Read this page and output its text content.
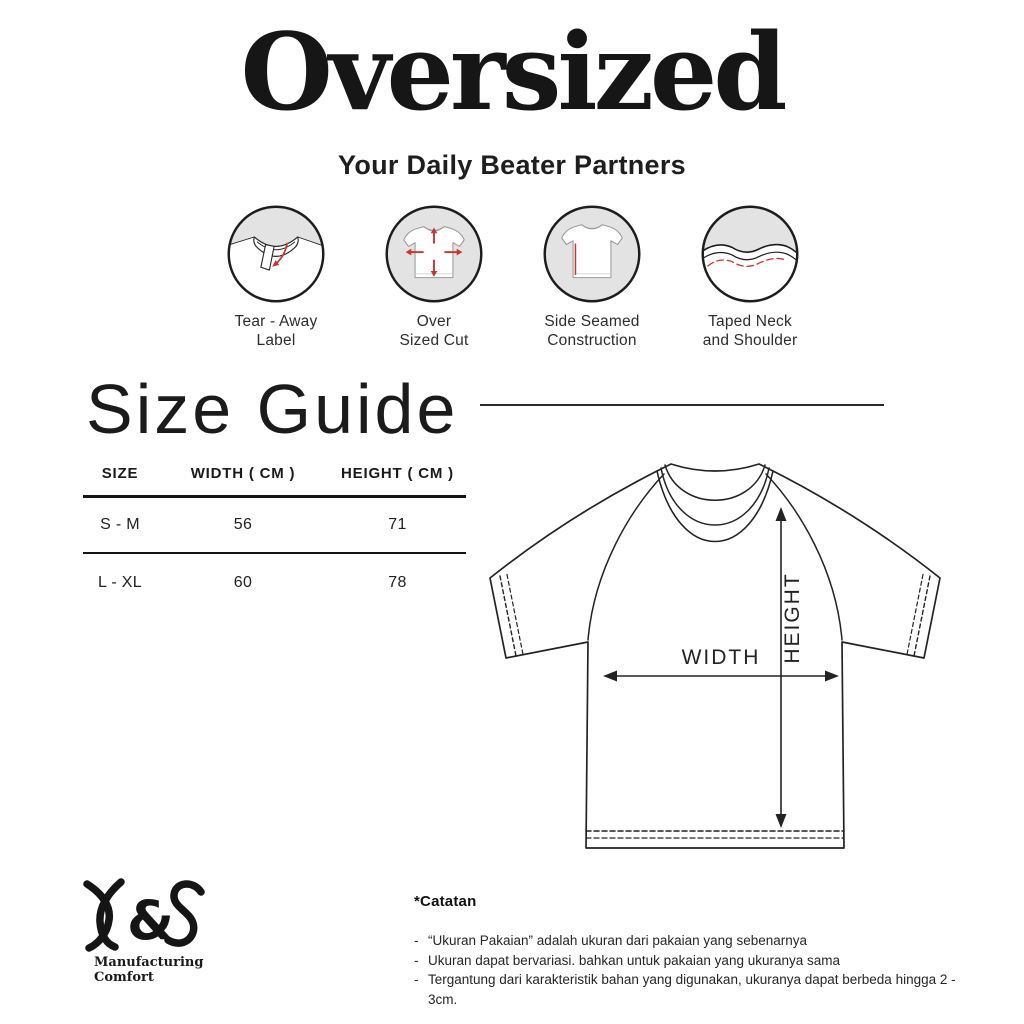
Oversized
Your Daily Beater Partners
Tear - Away
Label
Over
Sized Cut
Side Seamed
Construction
Taped Neck
and Shoulder
Size Guide
SIZE	WIDTH ( CM )	HEIGHT ( CM )
S - M	56	71
L - XL	60	78
WIDTH HEIGHT
&
Manufacturing Comfort
*Catatan
- “Ukuran Pakaian” adalah ukuran dari pakaian yang sebenarnya
- Ukuran dapat bervariasi. bahkan untuk pakaian yang ukuranya sama
- Tergantung dari karakteristik bahan yang digunakan, ukuranya dapat berbeda hingga 2 - 3cm.
